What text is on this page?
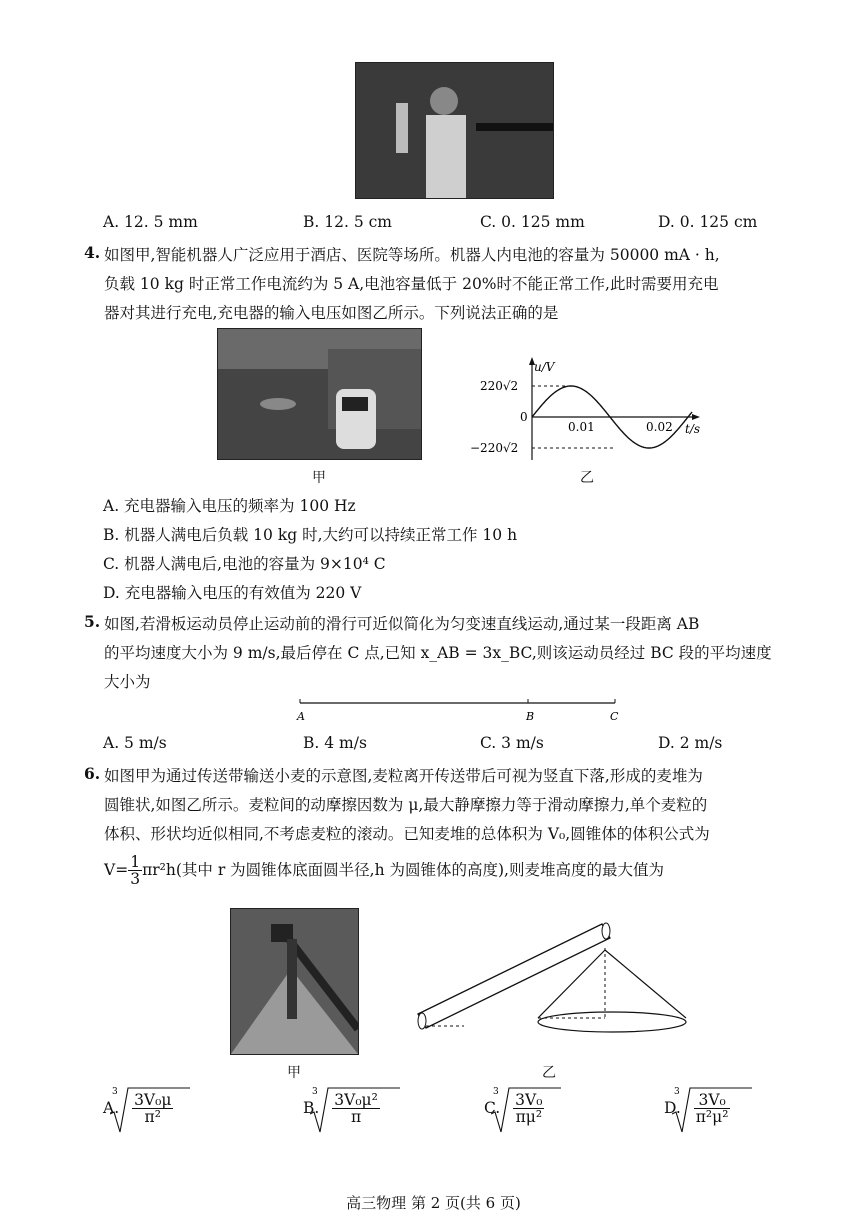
A. 12. 5 mm	B. 12. 5 cm	C. 0. 125 mm	D. 0. 125 cm
4. 如图甲,智能机器人广泛应用于酒店、医院等场所。机器人内电池的容量为 50000 mA · h,
负载 10 kg 时正常工作电流约为 5 A,电池容量低于 20%时不能正常工作,此时需要用充电
器对其进行充电,充电器的输入电压如图乙所示。下列说法正确的是
甲
u/V
t/s
220√2
−220√2
0
0.01	0.02
乙
A. 充电器输入电压的频率为 100 Hz
B. 机器人满电后负载 10 kg 时,大约可以持续正常工作 10 h
C. 机器人满电后,电池的容量为 9×10⁴ C
D. 充电器输入电压的有效值为 220 V
5. 如图,若滑板运动员停止运动前的滑行可近似简化为匀变速直线运动,通过某一段距离 AB
的平均速度大小为 9 m/s,最后停在 C 点,已知 x_AB = 3x_BC,则该运动员经过 BC 段的平均速度
大小为
A	B	C
A. 5 m/s	B. 4 m/s	C. 3 m/s	D. 2 m/s
6. 如图甲为通过传送带输送小麦的示意图,麦粒离开传送带后可视为竖直下落,形成的麦堆为
圆锥状,如图乙所示。麦粒间的动摩擦因数为 μ,最大静摩擦力等于滑动摩擦力,单个麦粒的
体积、形状均近似相同,不考虑麦粒的滚动。已知麦堆的总体积为 V₀,圆锥体的体积公式为
$V= \frac{1}{3} \pi r^2h$(其中 r 为圆锥体底面圆半径,h 为圆锥体的高度),则麦堆高度的最大值为
甲	乙
A.
$3 \frac{\text{3V₀μ}}{\text{π²}}$	B.
$3 \frac{\text{3V₀μ²}}{\pi}$	C.
$3 \frac{\text{3V₀}}{\text{πμ²}}$	D.
$3 \frac{\text{3V₀}}{\text{π²μ²}}$
高三物理 第 2 页(共 6 页)
